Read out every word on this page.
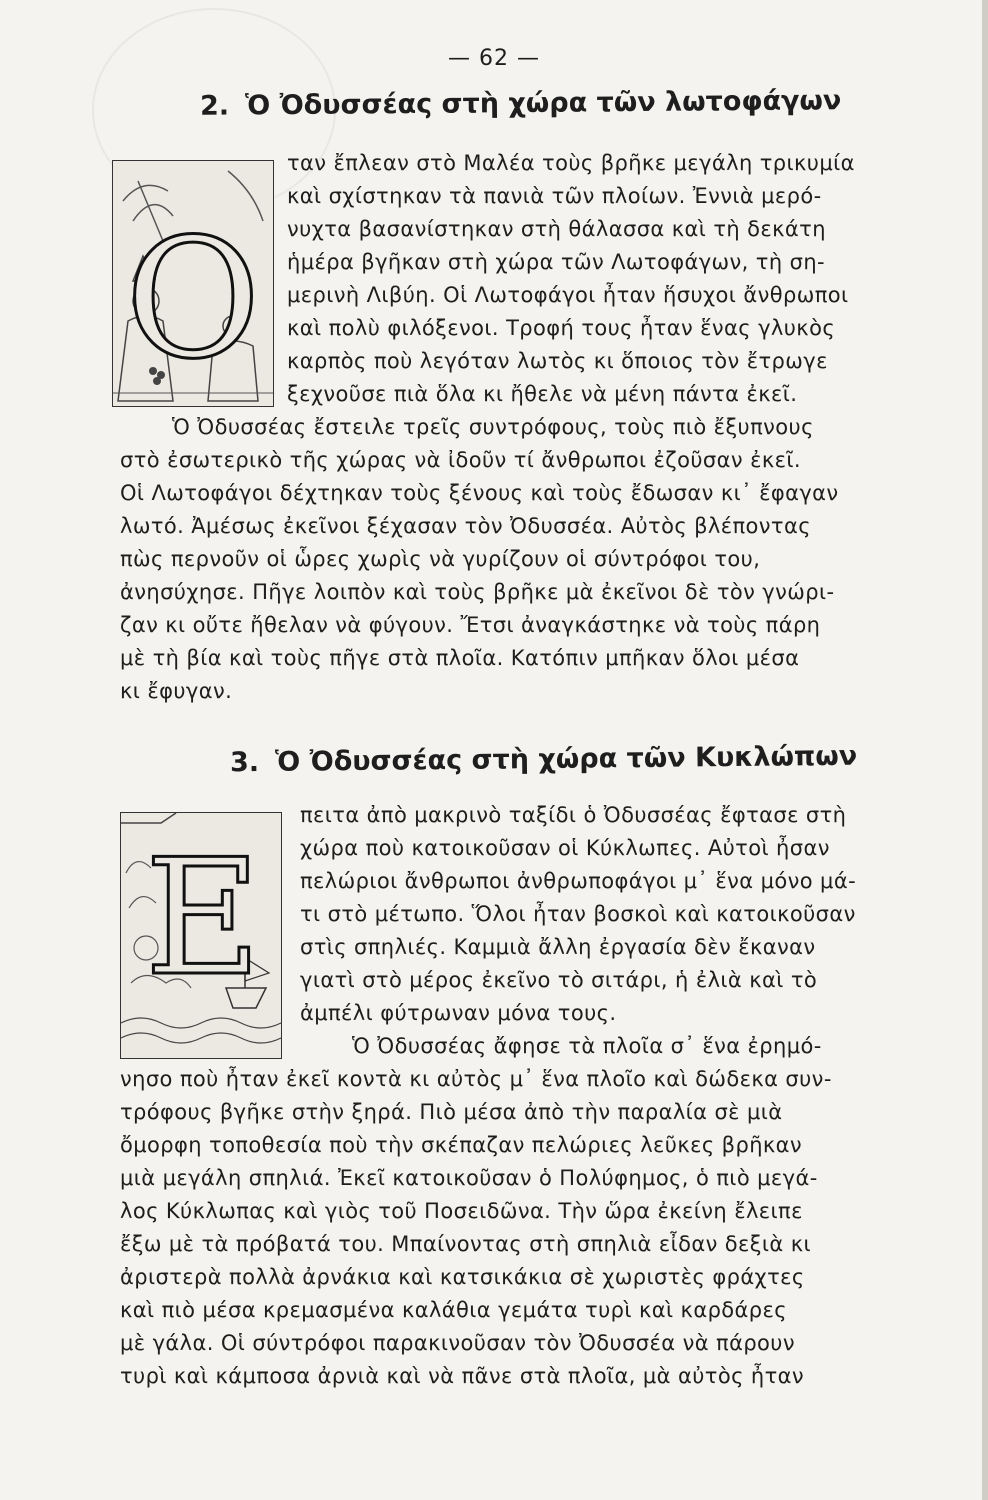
— 62 —
2. Ὁ Ὀδυσσέας στὴ χώρα τῶν λωτοφάγων
Ο
ταν ἔπλεαν στὸ Μαλέα τοὺς βρῆκε μεγάλη τρικυμία
καὶ σχίστηκαν τὰ πανιὰ τῶν πλοίων. Ἐννιὰ μερό-
νυχτα βασανίστηκαν στὴ θάλασσα καὶ τὴ δεκάτη
ἡμέρα βγῆκαν στὴ χώρα τῶν Λωτοφάγων, τὴ ση-
μερινὴ Λιβύη. Οἱ Λωτοφάγοι ἦταν ἥσυχοι ἄνθρωποι
καὶ πολὺ φιλόξενοι. Τροφή τους ἦταν ἕνας γλυκὸς
καρπὸς ποὺ λεγόταν λωτὸς κι ὅποιος τὸν ἔτρωγε
ξεχνοῦσε πιὰ ὅλα κι ἤθελε νὰ μένη πάντα ἐκεῖ.
Ὁ Ὀδυσσέας ἔστειλε τρεῖς συντρόφους, τοὺς πιὸ ἔξυπνους
στὸ ἐσωτερικὸ τῆς χώρας νὰ ἰδοῦν τί ἄνθρωποι ἐζοῦσαν ἐκεῖ.
Οἱ Λωτοφάγοι δέχτηκαν τοὺς ξένους καὶ τοὺς ἔδωσαν κι᾽ ἔφαγαν
λωτό. Ἀμέσως ἐκεῖνοι ξέχασαν τὸν Ὀδυσσέα. Αὐτὸς βλέποντας
πὼς περνοῦν οἱ ὧρες χωρὶς νὰ γυρίζουν οἱ σύντρόφοι του,
ἀνησύχησε. Πῆγε λοιπὸν καὶ τοὺς βρῆκε μὰ ἐκεῖνοι δὲ τὸν γνώρι-
ζαν κι οὔτε ἤθελαν νὰ φύγουν. Ἔτσι ἀναγκάστηκε νὰ τοὺς πάρη
μὲ τὴ βία καὶ τοὺς πῆγε στὰ πλοῖα. Κατόπιν μπῆκαν ὅλοι μέσα
κι ἔφυγαν.
3. Ὁ Ὀδυσσέας στὴ χώρα τῶν Κυκλώπων
Ε
πειτα ἀπὸ μακρινὸ ταξίδι ὁ Ὀδυσσέας ἔφτασε στὴ
χώρα ποὺ κατοικοῦσαν οἱ Κύκλωπες. Αὐτοὶ ἦσαν
πελώριοι ἄνθρωποι ἀνθρωποφάγοι μ᾽ ἕνα μόνο μά-
τι στὸ μέτωπο. Ὅλοι ἦταν βοσκοὶ καὶ κατοικοῦσαν
στὶς σπηλιές. Καμμιὰ ἄλλη ἐργασία δὲν ἔκαναν
γιατὶ στὸ μέρος ἐκεῖνο τὸ σιτάρι, ἡ ἐλιὰ καὶ τὸ
ἀμπέλι φύτρωναν μόνα τους.
Ὁ Ὀδυσσέας ἄφησε τὰ πλοῖα σ᾽ ἕνα ἐρημό-
νησο ποὺ ἦταν ἐκεῖ κοντὰ κι αὐτὸς μ᾽ ἕνα πλοῖο καὶ δώδεκα συν-
τρόφους βγῆκε στὴν ξηρά. Πιὸ μέσα ἀπὸ τὴν παραλία σὲ μιὰ
ὄμορφη τοποθεσία ποὺ τὴν σκέπαζαν πελώριες λεῦκες βρῆκαν
μιὰ μεγάλη σπηλιά. Ἐκεῖ κατοικοῦσαν ὁ Πολύφημος, ὁ πιὸ μεγά-
λος Κύκλωπας καὶ γιὸς τοῦ Ποσειδῶνα. Τὴν ὥρα ἐκείνη ἔλειπε
ἔξω μὲ τὰ πρόβατά του. Μπαίνοντας στὴ σπηλιὰ εἶδαν δεξιὰ κι
ἀριστερὰ πολλὰ ἀρνάκια καὶ κατσικάκια σὲ χωριστὲς φράχτες
καὶ πιὸ μέσα κρεμασμένα καλάθια γεμάτα τυρὶ καὶ καρδάρες
μὲ γάλα. Οἱ σύντρόφοι παρακινοῦσαν τὸν Ὀδυσσέα νὰ πάρουν
τυρὶ καὶ κάμποσα ἀρνιὰ καὶ νὰ πᾶνε στὰ πλοῖα, μὰ αὐτὸς ἦταν
